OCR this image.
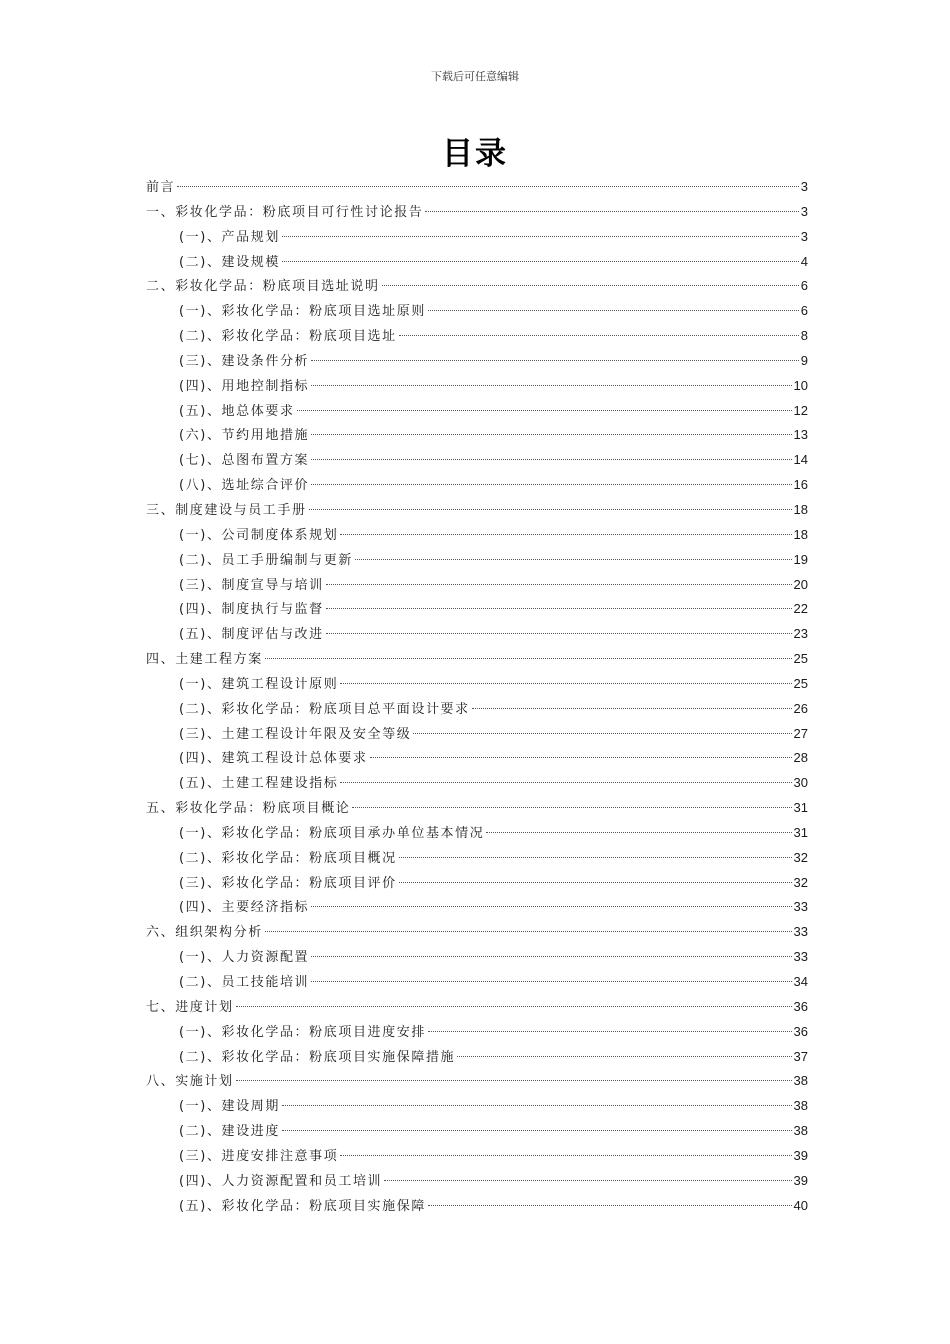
下载后可任意编辑
目录
前言	3
一、彩妆化学品：粉底项目可行性讨论报告	3
(一)、产品规划	3
(二)、建设规模	4
二、彩妆化学品：粉底项目选址说明	6
(一)、彩妆化学品：粉底项目选址原则	6
(二)、彩妆化学品：粉底项目选址	8
(三)、建设条件分析	9
(四)、用地控制指标	10
(五)、地总体要求	12
(六)、节约用地措施	13
(七)、总图布置方案	14
(八)、选址综合评价	16
三、制度建设与员工手册	18
(一)、公司制度体系规划	18
(二)、员工手册编制与更新	19
(三)、制度宣导与培训	20
(四)、制度执行与监督	22
(五)、制度评估与改进	23
四、土建工程方案	25
(一)、建筑工程设计原则	25
(二)、彩妆化学品：粉底项目总平面设计要求	26
(三)、土建工程设计年限及安全等级	27
(四)、建筑工程设计总体要求	28
(五)、土建工程建设指标	30
五、彩妆化学品：粉底项目概论	31
(一)、彩妆化学品：粉底项目承办单位基本情况	31
(二)、彩妆化学品：粉底项目概况	32
(三)、彩妆化学品：粉底项目评价	32
(四)、主要经济指标	33
六、组织架构分析	33
(一)、人力资源配置	33
(二)、员工技能培训	34
七、进度计划	36
(一)、彩妆化学品：粉底项目进度安排	36
(二)、彩妆化学品：粉底项目实施保障措施	37
八、实施计划	38
(一)、建设周期	38
(二)、建设进度	38
(三)、进度安排注意事项	39
(四)、人力资源配置和员工培训	39
(五)、彩妆化学品：粉底项目实施保障	40
